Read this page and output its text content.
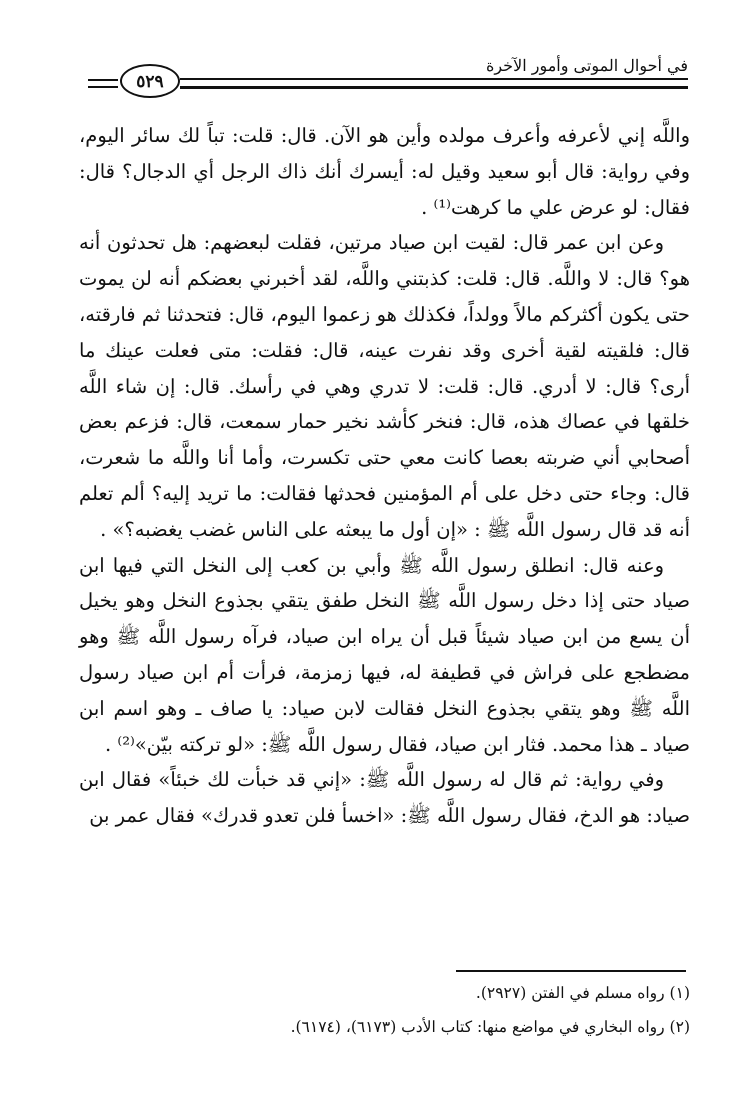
٥٢٩
في أحوال الموتى وأمور الآخرة

واللَّه إني لأعرفه وأعرف مولده وأين هو الآن. قال: قلت: تباً لك سائر اليوم، وفي رواية: قال أبو سعيد وقيل له: أيسرك أنك ذاك الرجل أي الدجال؟ قال: فقال: لو عرض علي ما كرهت⁽¹⁾ .

وعن ابن عمر قال: لقيت ابن صياد مرتين، فقلت لبعضهم: هل تحدثون أنه هو؟ قال: لا واللَّه. قال: قلت: كذبتني واللَّه، لقد أخبرني بعضكم أنه لن يموت حتى يكون أكثركم مالاً وولداً، فكذلك هو زعموا اليوم، قال: فتحدثنا ثم فارقته، قال: فلقيته لقية أخرى وقد نفرت عينه، قال: فقلت: متى فعلت عينك ما أرى؟ قال: لا أدري. قال: قلت: لا تدري وهي في رأسك. قال: إن شاء اللَّه خلقها في عصاك هذه، قال: فنخر كأشد نخير حمار سمعت، قال: فزعم بعض أصحابي أني ضربته بعصا كانت معي حتى تكسرت، وأما أنا واللَّه ما شعرت، قال: وجاء حتى دخل على أم المؤمنين فحدثها فقالت: ما تريد إليه؟ ألم تعلم أنه قد قال رسول اللَّه ﷺ : «إن أول ما يبعثه على الناس غضب يغضبه؟» .

وعنه قال: انطلق رسول اللَّه ﷺ وأبي بن كعب إلى النخل التي فيها ابن صياد حتى إذا دخل رسول اللَّه ﷺ النخل طفق يتقي بجذوع النخل وهو يخيل أن يسع من ابن صياد شيئاً قبل أن يراه ابن صياد، فرآه رسول اللَّه ﷺ وهو مضطجع على فراش في قطيفة له، فيها زمزمة، فرأت أم ابن صياد رسول اللَّه ﷺ وهو يتقي بجذوع النخل فقالت لابن صياد: يا صاف ـ وهو اسم ابن صياد ـ هذا محمد. فثار ابن صياد، فقال رسول اللَّه ﷺ: «لو تركته بيّن»⁽²⁾ .

وفي رواية: ثم قال له رسول اللَّه ﷺ: «إني قد خبأت لك خبئاً» فقال ابن صياد: هو الدخ، فقال رسول اللَّه ﷺ: «اخسأ فلن تعدو قدرك» فقال عمر بن

(١) رواه مسلم في الفتن (٢٩٢٧).
(٢) رواه البخاري في مواضع منها: كتاب الأدب (٦١٧٣)، (٦١٧٤).
